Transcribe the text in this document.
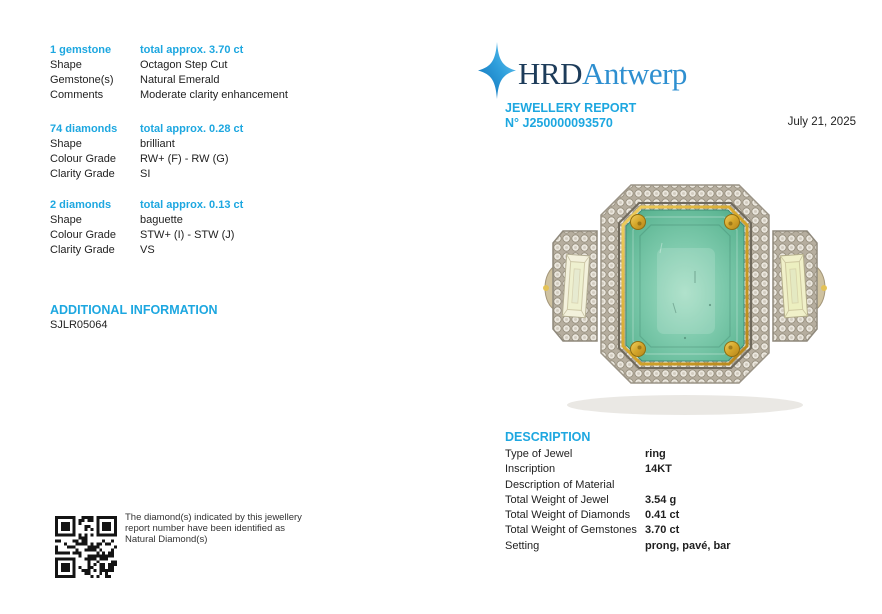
1 gemstone	total approx. 3.70 ct
Shape	Octagon Step Cut
Gemstone(s)	Natural Emerald
Comments	Moderate clarity enhancement
74 diamonds	total approx. 0.28 ct
Shape	brilliant
Colour Grade	RW+ (F) - RW (G)
Clarity Grade	SI
2 diamonds	total approx. 0.13 ct
Shape	baguette
Colour Grade	STW+ (I) - STW (J)
Clarity Grade	VS
ADDITIONAL INFORMATION
SJLR05064
HRDAntwerp
JEWELLERY REPORT
N° J250000093570	July 21, 2025
DESCRIPTION
Type of Jewel	ring
Inscription	14KT
Description of Material
Total Weight of Jewel	3.54 g
Total Weight of Diamonds	0.41 ct
Total Weight of Gemstones 3.70 ct
Setting	prong, pavé, bar
The diamond(s) indicated by this jewellery report number have been identified as Natural Diamond(s)
